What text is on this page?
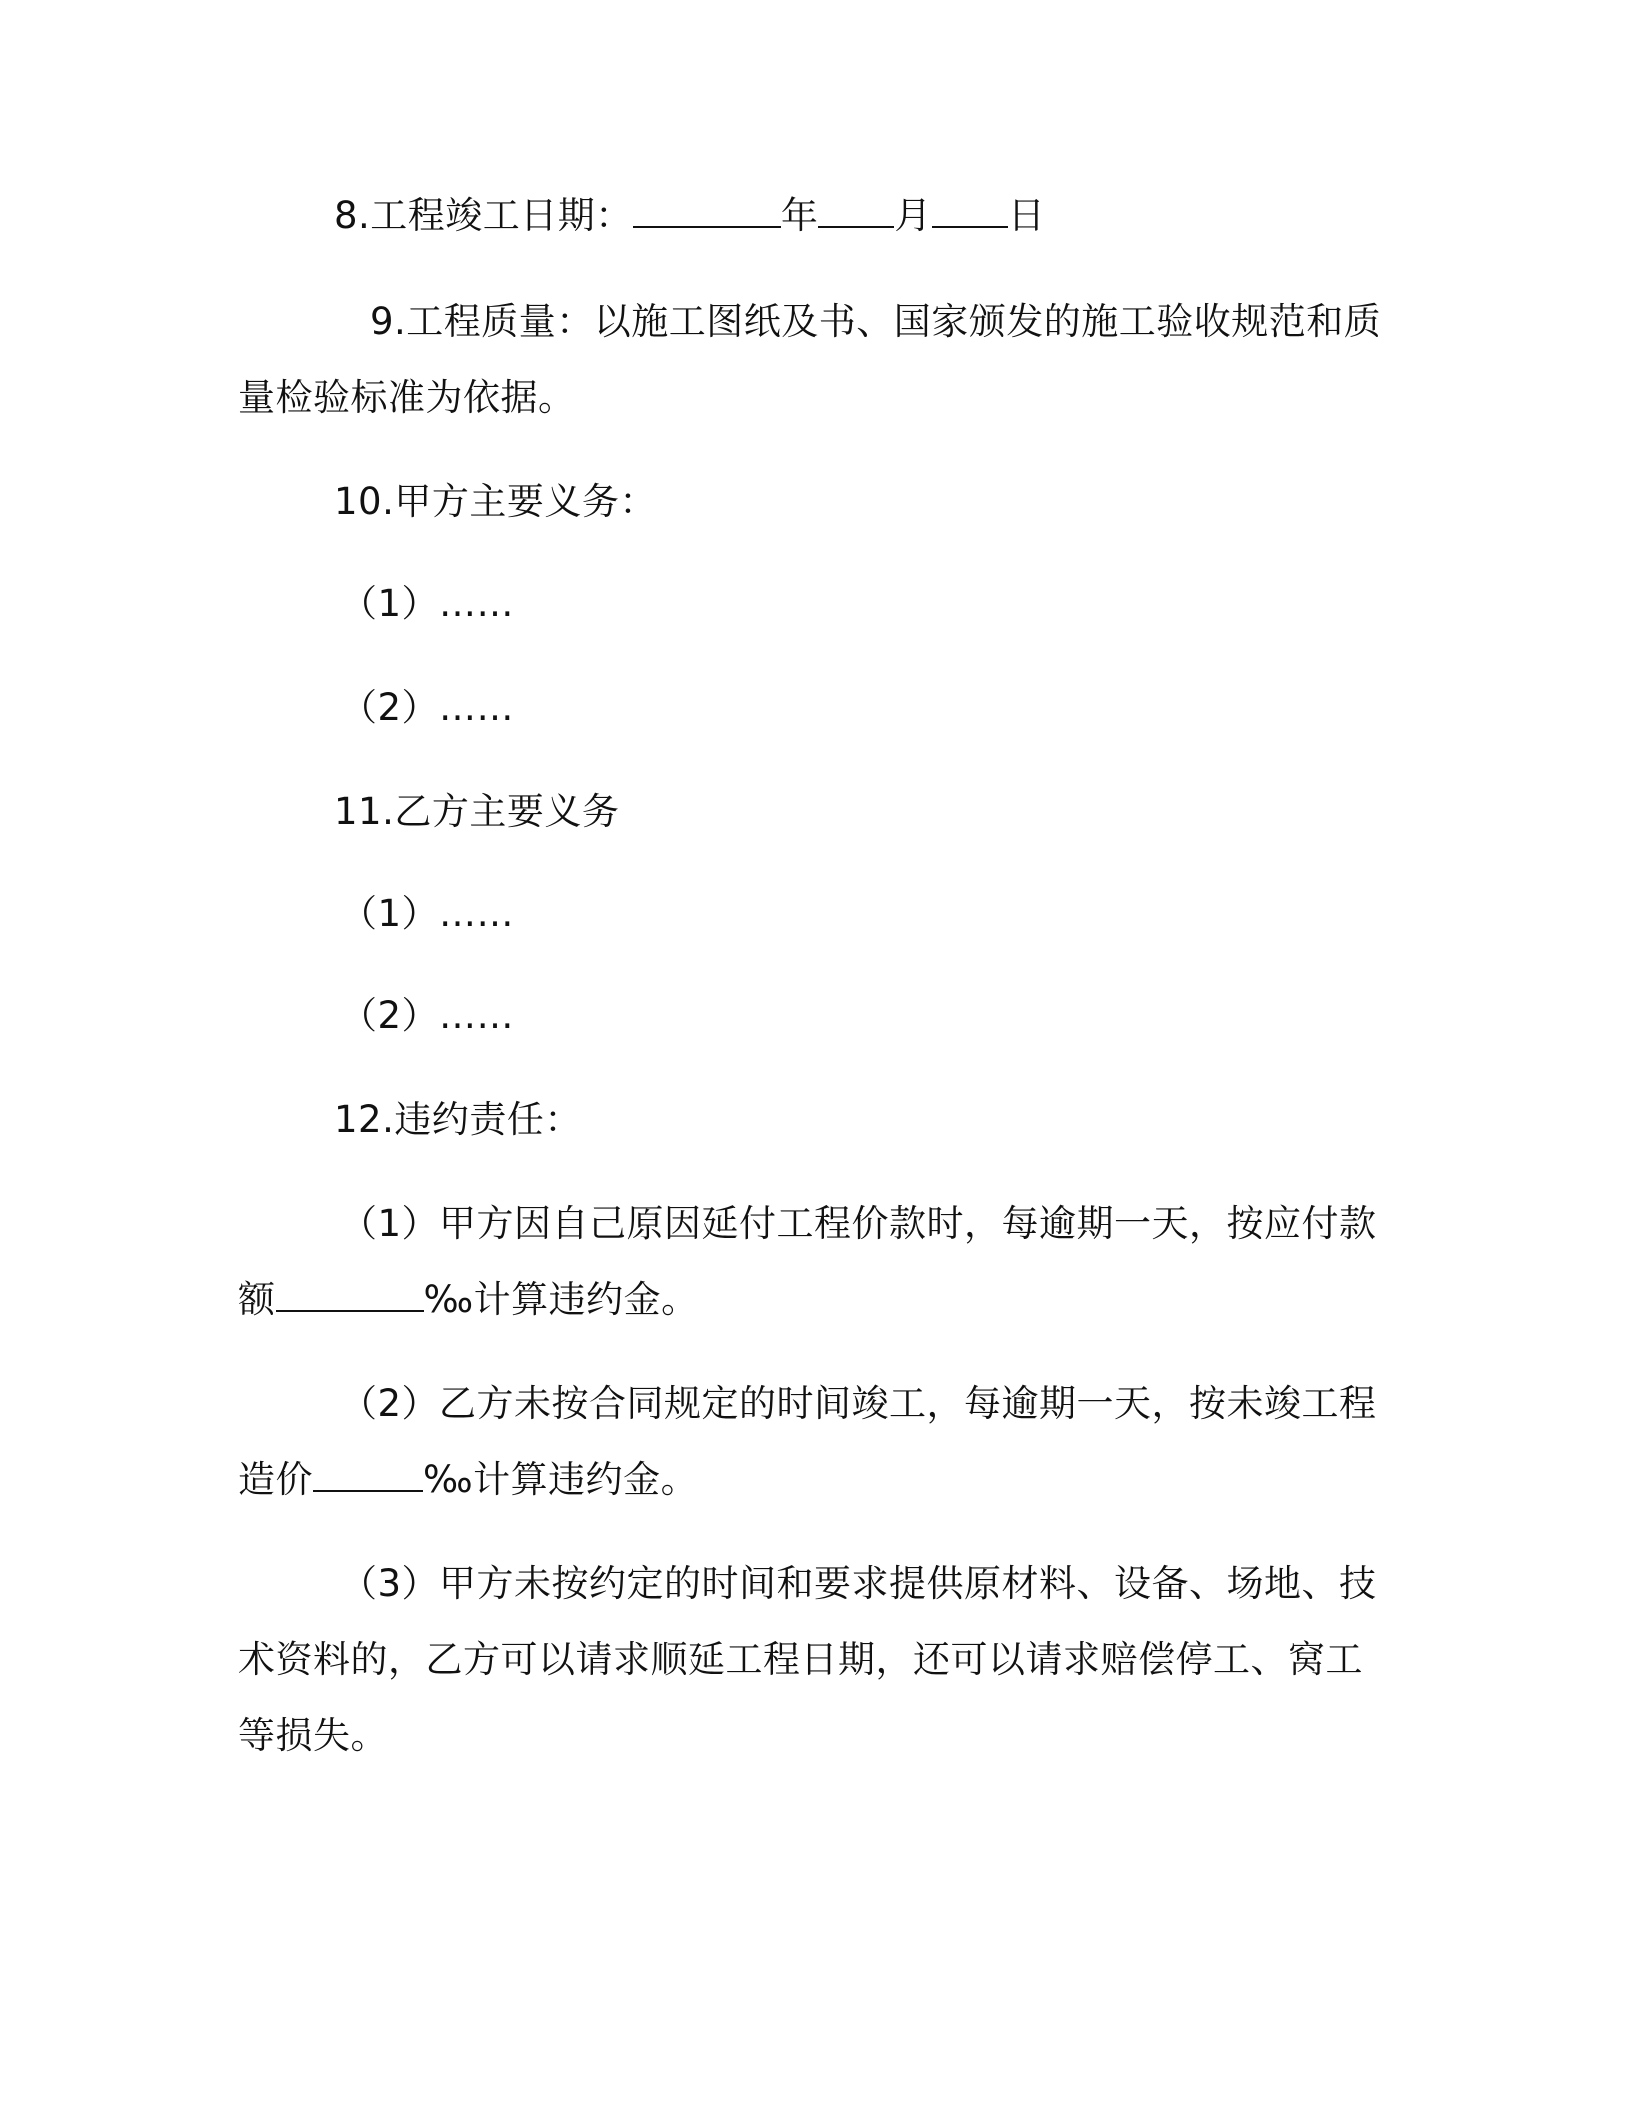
8.工程竣工日期：	年 月 日
9.工程质量：以施工图纸及书、国家颁发的施工验收规范和质
量检验标准为依据。
10.甲方主要义务：
（1）……
（2）……
11.乙方主要义务
（1）……
（2）……
12.违约责任：
（1）甲方因自己原因延付工程价款时，每逾期一天，按应付款
额	‰计算违约金。
（2）乙方未按合同规定的时间竣工，每逾期一天，按未竣工程
造价	‰计算违约金。
（3）甲方未按约定的时间和要求提供原材料、设备、场地、技
术资料的，乙方可以请求顺延工程日期，还可以请求赔偿停工、窝工
等损失。
